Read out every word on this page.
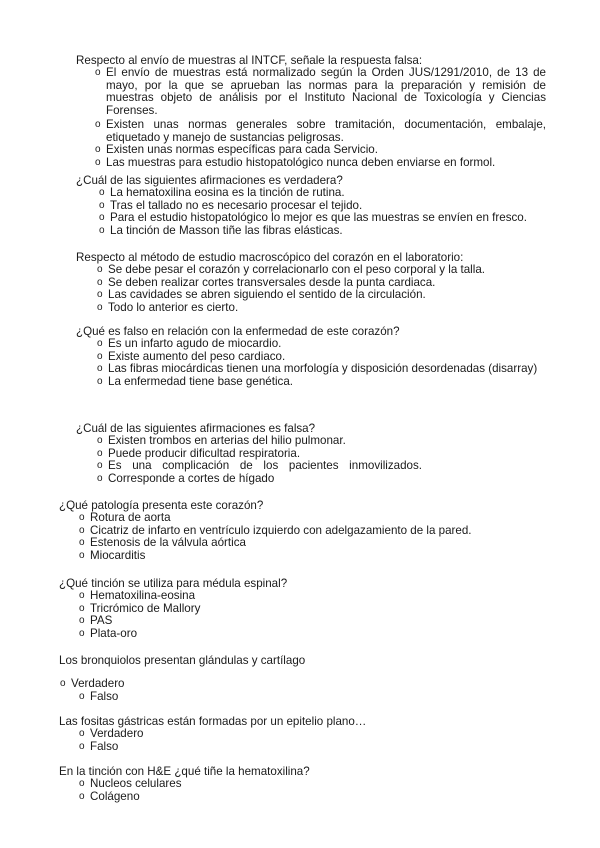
Respecto al envío de muestras al INTCF, señale la respuesta falsa:
o El envío de muestras está normalizado según la Orden JUS/1291/2010, de 13 de mayo, por la que se aprueban las normas para la preparación y remisión de muestras objeto de análisis por el Instituto Nacional de Toxicología y Ciencias Forenses.
o Existen unas normas generales sobre tramitación, documentación, embalaje, etiquetado y manejo de sustancias peligrosas.
o Existen unas normas específicas para cada Servicio.
o Las muestras para estudio histopatológico nunca deben enviarse en formol.
¿Cuál de las siguientes afirmaciones es verdadera?
o La hematoxilina eosina es la tinción de rutina.
o Tras el tallado no es necesario procesar el tejido.
o Para el estudio histopatológico lo mejor es que las muestras se envíen en fresco.
o La tinción de Masson tiñe las fibras elásticas.
Respecto al método de estudio macroscópico del corazón en el laboratorio:
o Se debe pesar el corazón y correlacionarlo con el peso corporal y la talla.
o Se deben realizar cortes transversales desde la punta cardiaca.
o Las cavidades se abren siguiendo el sentido de la circulación.
o Todo lo anterior es cierto.
¿Qué es falso en relación con la enfermedad de este corazón?
o Es un infarto agudo de miocardio.
o Existe aumento del peso cardiaco.
o Las fibras miocárdicas tienen una morfología y disposición desordenadas (disarray)
o La enfermedad tiene base genética.
¿Cuál de las siguientes afirmaciones es falsa?
o Existen trombos en arterias del hilio pulmonar.
o Puede producir dificultad respiratoria.
o Es una complicación de los pacientes inmovilizados.
o Corresponde a cortes de hígado
¿Qué patología presenta este corazón?
o Rotura de aorta
o Cicatriz de infarto en ventrículo izquierdo con adelgazamiento de la pared.
o Estenosis de la válvula aórtica
o Miocarditis
¿Qué tinción se utiliza para médula espinal?
o Hematoxilina-eosina
o Tricrómico de Mallory
o PAS
o Plata-oro
Los bronquiolos presentan glándulas y cartílago
o Verdadero
o Falso
Las fositas gástricas están formadas por un epitelio plano…
o Verdadero
o Falso
En la tinción con H&E ¿qué tiñe la hematoxilina?
o Nucleos celulares
o Colágeno
